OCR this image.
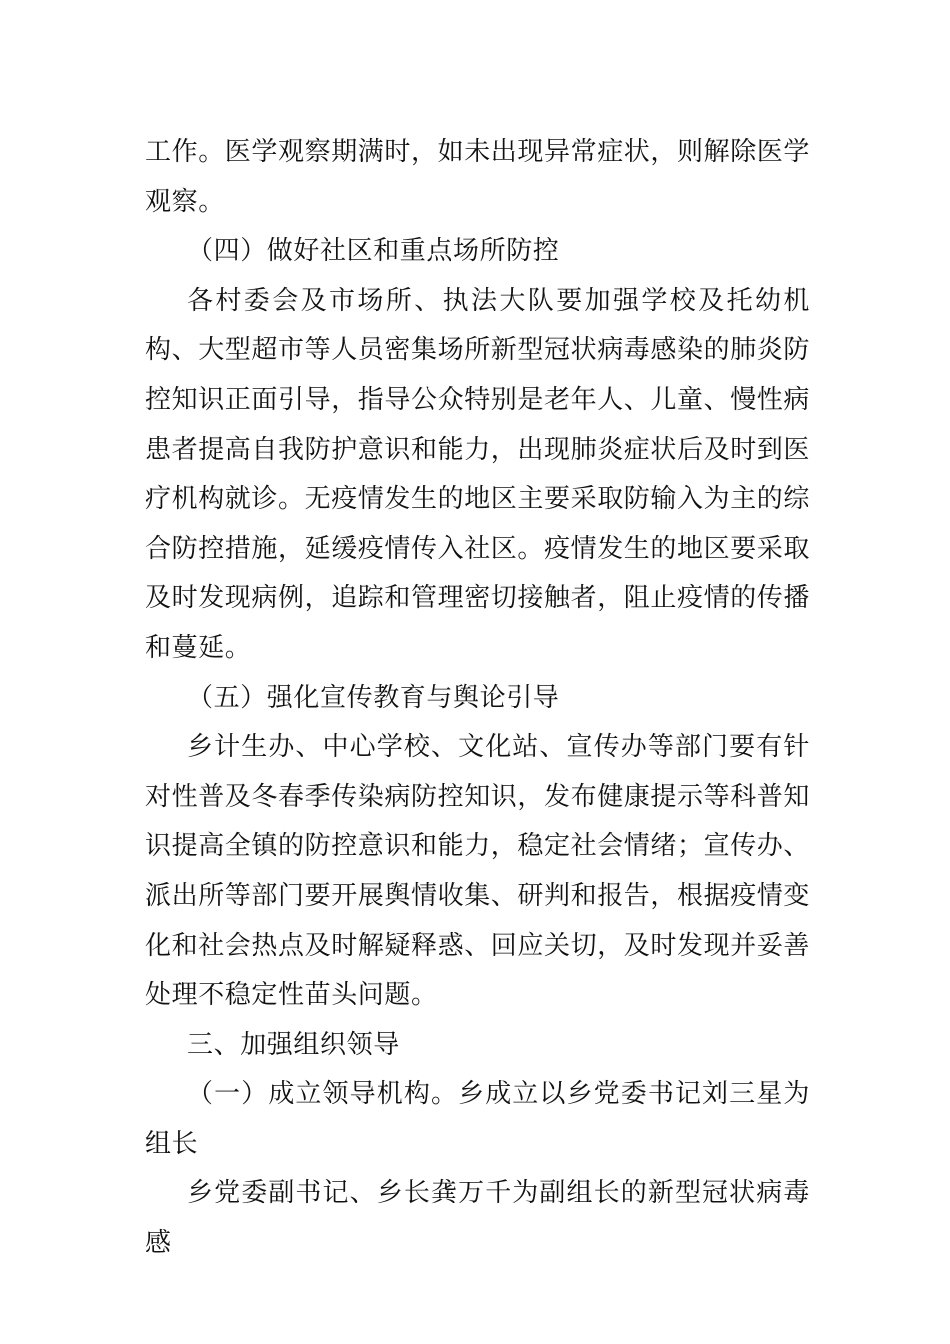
工作。医学观察期满时，如未出现异常症状，则解除医学观察。

（四）做好社区和重点场所防控

各村委会及市场所、执法大队要加强学校及托幼机构、大型超市等人员密集场所新型冠状病毒感染的肺炎防控知识正面引导，指导公众特别是老年人、儿童、慢性病患者提高自我防护意识和能力，出现肺炎症状后及时到医疗机构就诊。无疫情发生的地区主要采取防输入为主的综合防控措施，延缓疫情传入社区。疫情发生的地区要采取及时发现病例，追踪和管理密切接触者，阻止疫情的传播和蔓延。

（五）强化宣传教育与舆论引导

乡计生办、中心学校、文化站、宣传办等部门要有针对性普及冬春季传染病防控知识，发布健康提示等科普知识提高全镇的防控意识和能力，稳定社会情绪；宣传办、派出所等部门要开展舆情收集、研判和报告，根据疫情变化和社会热点及时解疑释惑、回应关切，及时发现并妥善处理不稳定性苗头问题。

三、加强组织领导

（一）成立领导机构。乡成立以乡党委书记刘三星为组长

乡党委副书记、乡长龚万千为副组长的新型冠状病毒感
